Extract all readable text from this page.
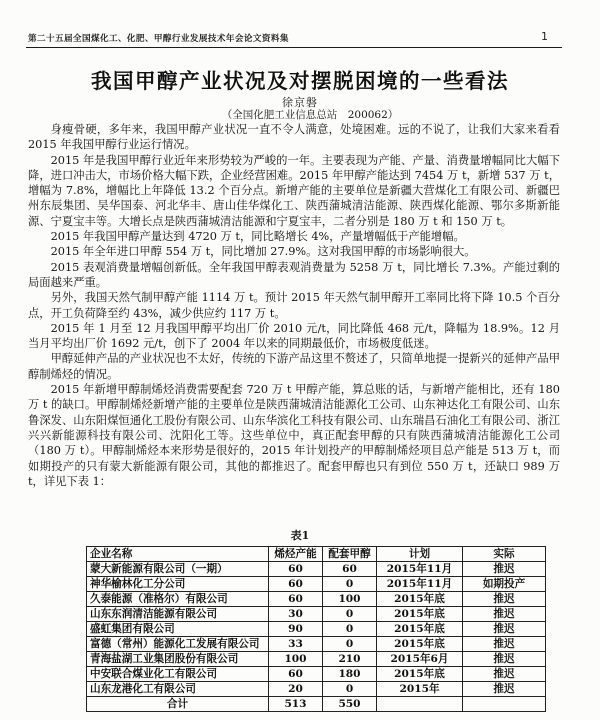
第二十五届全国煤化工、化肥、甲醇行业发展技术年会论文资料集	1
我国甲醇产业状况及对摆脱困境的一些看法
徐京磐
（全国化肥工业信息总站　200062）

身瘦骨硬，多年来，我国甲醇产业状况一直不令人满意，处境困难。远的不说了，让我们大家来看看 2015 年我国甲醇行业运行情况。

2015 年是我国甲醇行业近年来形势较为严峻的一年。主要表现为产能、产量、消费量增幅同比大幅下降，进口冲击大，市场价格大幅下跌，企业经营困难。2015 年甲醇产能达到 7454 万 t，新增 537 万 t，增幅为 7.8%，增幅比上年降低 13.2 个百分点。新增产能的主要单位是新疆大营煤化工有限公司、新疆巴州东辰集团、吴华国泰、河北华丰、唐山佳华煤化工、陕西蒲城清洁能源、陕西煤化能源、鄂尔多斯新能源、宁夏宝丰等。大增长点是陕西蒲城清洁能源和宁夏宝丰，二者分别是 180 万 t 和 150 万 t。

2015 年我国甲醇产量达到 4720 万 t，同比略增长 4%，产量增幅低于产能增幅。

2015 年全年进口甲醇 554 万 t，同比增加 27.9%。这对我国甲醇的市场影响很大。

2015 表观消费量增幅创新低。全年我国甲醇表观消费量为 5258 万 t，同比增长 7.3%。产能过剩的局面越来严重。

另外，我国天然气制甲醇产能 1114 万 t。预计 2015 年天然气制甲醇开工率同比将下降 10.5 个百分点，开工负荷降至约 43%，减少供应约 117 万 t。

2015 年 1 月至 12 月我国甲醇平均出厂价 2010 元/t，同比降低 468 元/t，降幅为 18.9%。12 月当月平均出厂价 1692 元/t，创下了 2004 年以来的同期最低价，市场极度低迷。

甲醇延伸产品的产业状况也不太好，传统的下游产品这里不赘述了，只简单地提一提新兴的延伸产品甲醇制烯烃的情况。

2015 年新增甲醇制烯烃消费需要配套 720 万 t 甲醇产能，算总账的话，与新增产能相比，还有 180 万 t 的缺口。甲醇制烯烃新增产能的主要单位是陕西蒲城清洁能源化工公司、山东神达化工有限公司、山东鲁深发、山东阳煤恒通化工股份有限公司、山东华滨化工科技有限公司、山东瑞昌石油化工有限公司、浙江兴兴新能源科技有限公司、沈阳化工等。这些单位中，真正配套甲醇的只有陕西蒲城清洁能源化工公司（180 万 t）。甲醇制烯烃本来形势是很好的，2015 年计划投产的甲醇制烯烃项目总产能是 513 万 t，而如期投产的只有蒙大新能源有限公司，其他的都推迟了。配套甲醇也只有到位 550 万 t，还缺口 989 万 t，详见下表 1：

表1
企业名称	烯烃产能	配套甲醇	计划	实际
蒙大新能源有限公司（一期）	60	60	2015年11月	推迟
神华榆林化工分公司	60	0	2015年11月	如期投产
久泰能源（准格尔）有限公司	60	100	2015年底	推迟
山东东润清洁能源有限公司	30	0	2015年底	推迟
盛虹集团有限公司	90	0	2015年底	推迟
富德（常州）能源化工发展有限公司	33	0	2015年底	推迟
青海盐湖工业集团股份有限公司	100	210	2015年6月	推迟
中安联合煤业化工有限公司	60	180	2015年底	推迟
山东龙港化工有限公司	20	0	2015年	推迟
合计	513	550		
